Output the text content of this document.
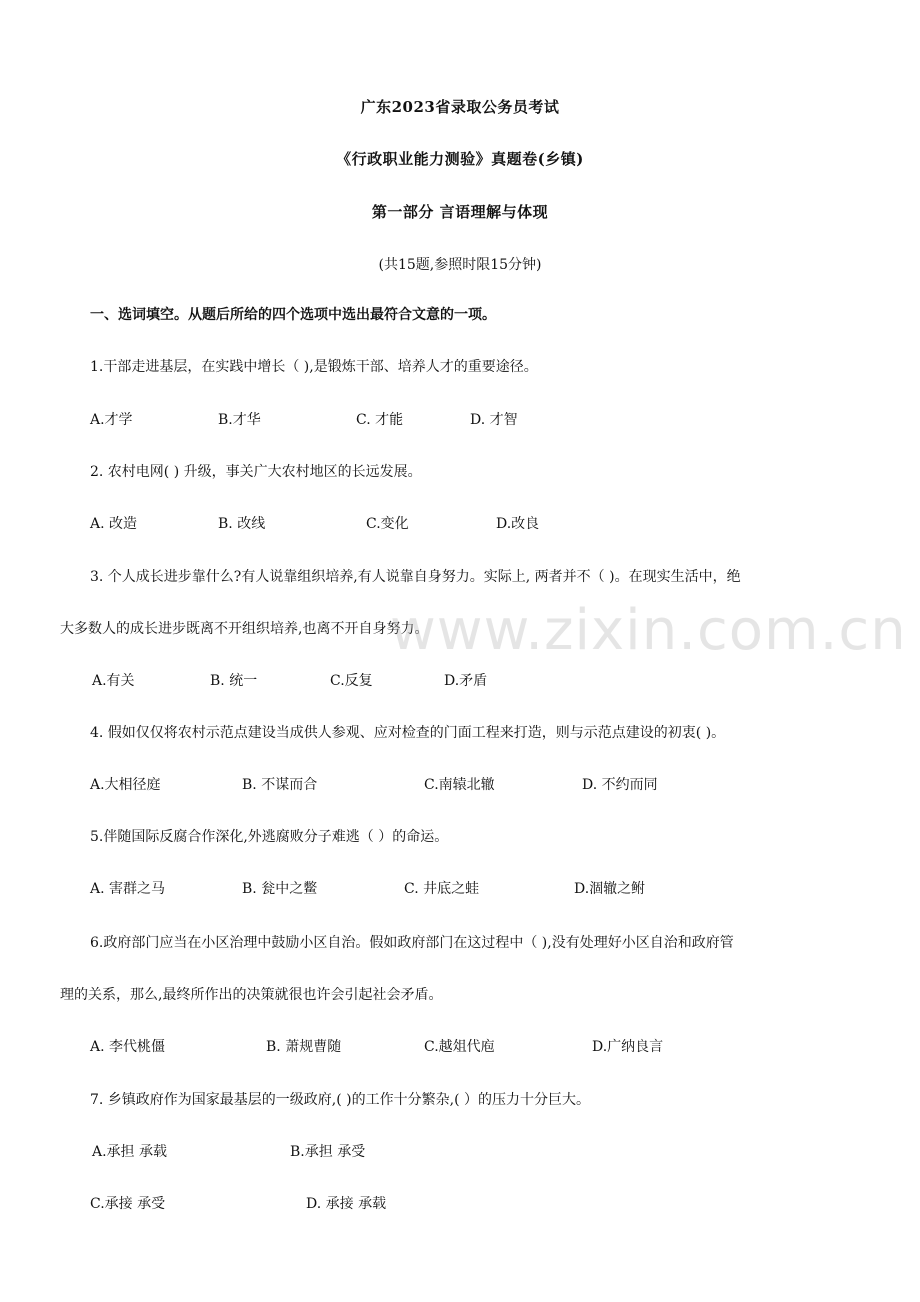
广东2023省录取公务员考试
《行政职业能力测验》真题卷(乡镇)
第一部分 言语理解与体现
(共15题,参照时限15分钟)
一、选词填空。从题后所给的四个选项中选出最符合文意的一项。
1.干部走进基层，在实践中增长（ ),是锻炼干部、培养人才的重要途径。
A.才学	B.才华	C. 才能	D. 才智
2. 农村电网( ) 升级，事关广大农村地区的长远发展。
A. 改造	B. 改线	C.变化	D.改良
3. 个人成长进步靠什么?有人说靠组织培养,有人说靠自身努力。实际上, 两者并不（ )。在现实生活中，绝
大多数人的成长进步既离不开组织培养,也离不开自身努力。
A.有关	B. 统一	C.反复	D.矛盾
4. 假如仅仅将农村示范点建设当成供人参观、应对检查的门面工程来打造，则与示范点建设的初衷( )。
A.大相径庭	B. 不谋而合	C.南辕北辙	D. 不约而同
5.伴随国际反腐合作深化,外逃腐败分子难逃（ ）的命运。
A. 害群之马	B. 瓮中之鳖	C. 井底之蛙	D.涸辙之鲋
6.政府部门应当在小区治理中鼓励小区自治。假如政府部门在这过程中（ ),没有处理好小区自治和政府管
理的关系，那么,最终所作出的决策就很也许会引起社会矛盾。
A. 李代桃僵	B. 萧规曹随	C.越俎代庖	D.广纳良言
7. 乡镇政府作为国家最基层的一级政府,( )的工作十分繁杂,( ）的压力十分巨大。
A.承担 承载	B.承担 承受
C.承接 承受	D. 承接 承载
www.zixin.com.cn
